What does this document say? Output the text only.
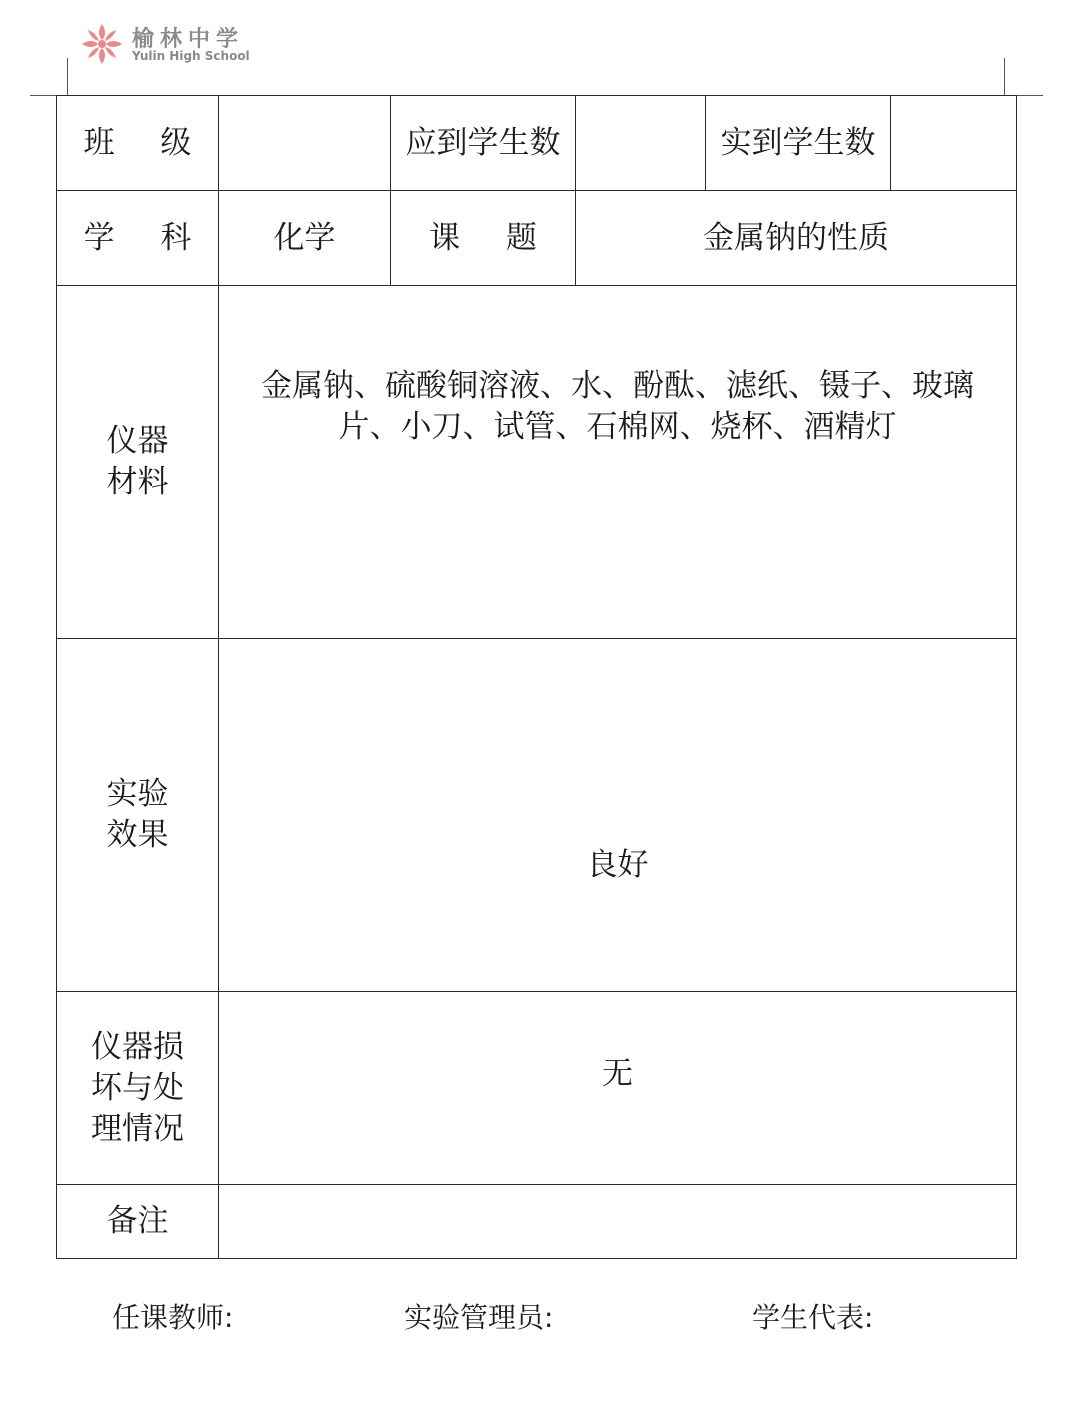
榆林中学
Yulin High School
班 级		应到学生数		实到学生数	
学 科	化学	课 题	金属钠的性质		

仪器
材料	金属钠、硫酸铜溶液、水、酚酞、滤纸、镊子、玻璃片、小刀、试管、石棉网、烧杯、酒精灯				

实验
效果	良好				

仪器损
坏与处
理情况	无				

备注					
任课教师:	实验管理员:	学生代表:
